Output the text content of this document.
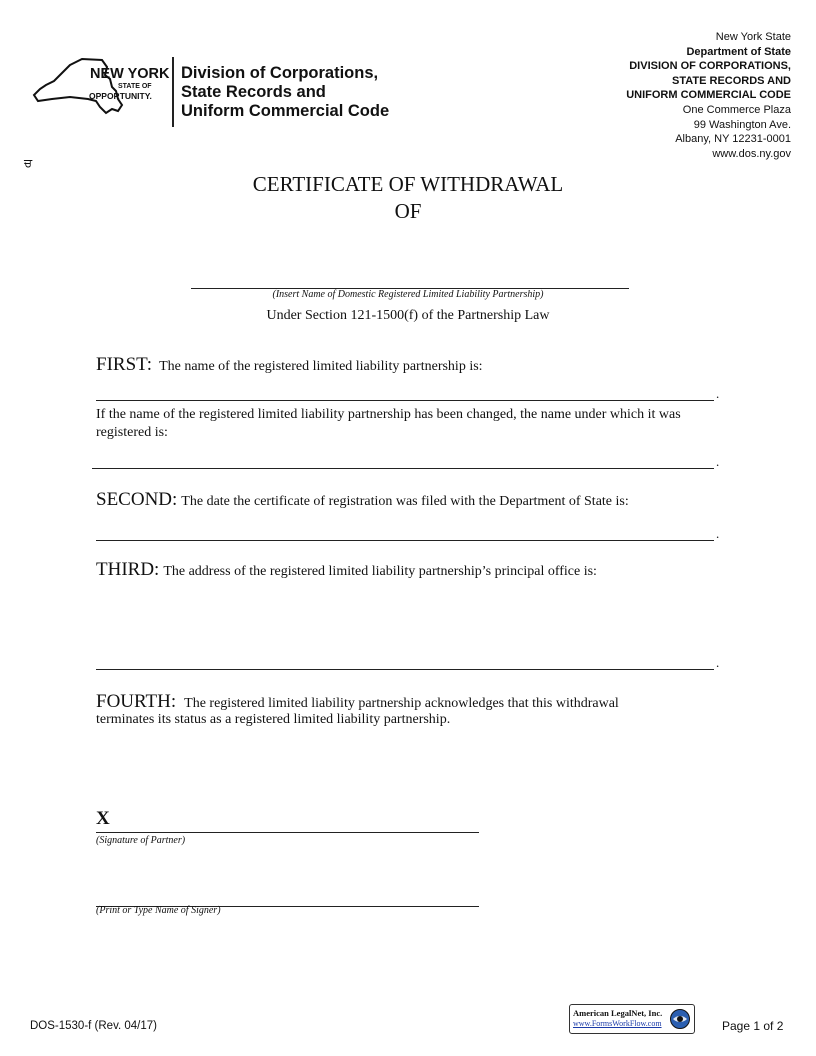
NEW YORK
STATE OF
OPPORTUNITY.
Division of Corporations,
State Records and
Uniform Commercial Code
New York State
Department of State
DIVISION OF CORPORATIONS,
STATE RECORDS AND
UNIFORM COMMERCIAL CODE
One Commerce Plaza
99 Washington Ave.
Albany, NY 12231-0001
www.dos.ny.gov
ਚ
CERTIFICATE OF WITHDRAWAL
OF
(Insert Name of Domestic Registered Limited Liability Partnership)
Under Section 121-1500(f) of the Partnership Law
FIRST: The name of the registered limited liability partnership is:
.
If the name of the registered limited liability partnership has been changed, the name under which it was registered is:
.
SECOND: The date the certificate of registration was filed with the Department of State is:
.
THIRD: The address of the registered limited liability partnership’s principal office is:
.
FOURTH: The registered limited liability partnership acknowledges that this withdrawal
terminates its status as a registered limited liability partnership.
X
(Signature of Partner)
(Print or Type Name of Signer)
DOS-1530-f (Rev. 04/17)
American LegalNet, Inc.
www.FormsWorkFlow.com	Page 1 of 2
